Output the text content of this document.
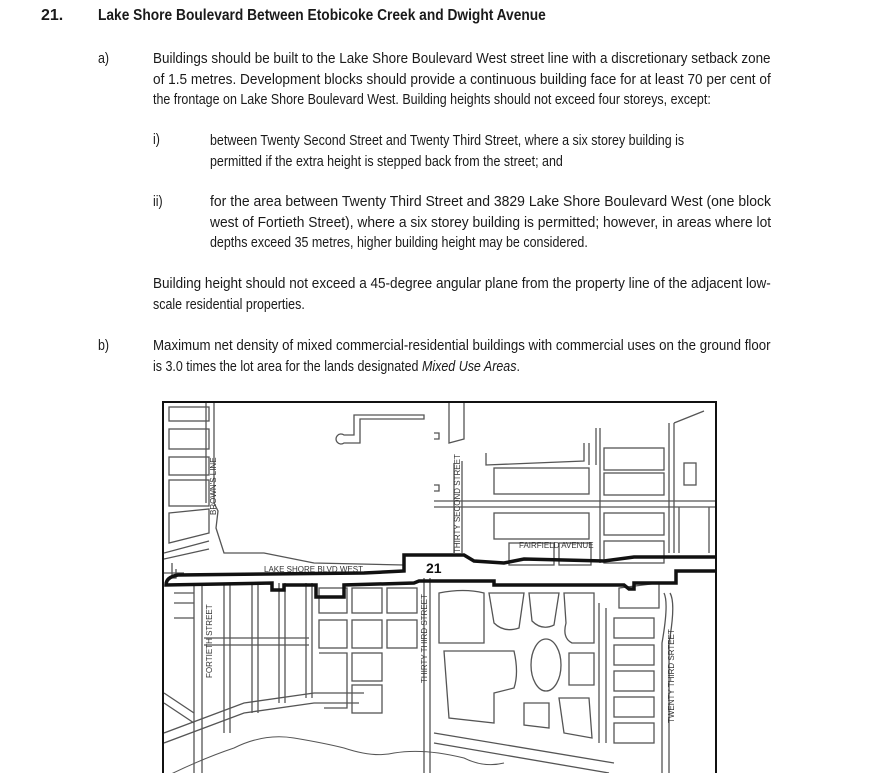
21. Lake Shore Boulevard Between Etobicoke Creek and Dwight Avenue
a)	Buildings should be built to the Lake Shore Boulevard West street line with a discretionary setback zone
of 1.5 metres. Development blocks should provide a continuous building face for at least 70 per cent of
the frontage on Lake Shore Boulevard West. Building heights should not exceed four storeys, except:
i)	between Twenty Second Street and Twenty Third Street, where a six storey building is
permitted if the extra height is stepped back from the street; and
ii)	for the area between Twenty Third Street and 3829 Lake Shore Boulevard West (one block
west of Fortieth Street), where a six storey building is permitted; however, in areas where lot
depths exceed 35 metres, higher building height may be considered.
Building height should not exceed a 45-degree angular plane from the property line of the adjacent low-
scale residential properties.
b)	Maximum net density of mixed commercial-residential buildings with commercial uses on the ground floor
is 3.0 times the lot area for the lands designated Mixed Use Areas.
21
BROWN'S LINE
LAKE SHORE BLVD WEST
THIRTY SECOND STREET	FAIRFIELD AVENUE
FORTIETH STREET	THIRTY THIRD STREET	TWENTY THIRD SRTEET
